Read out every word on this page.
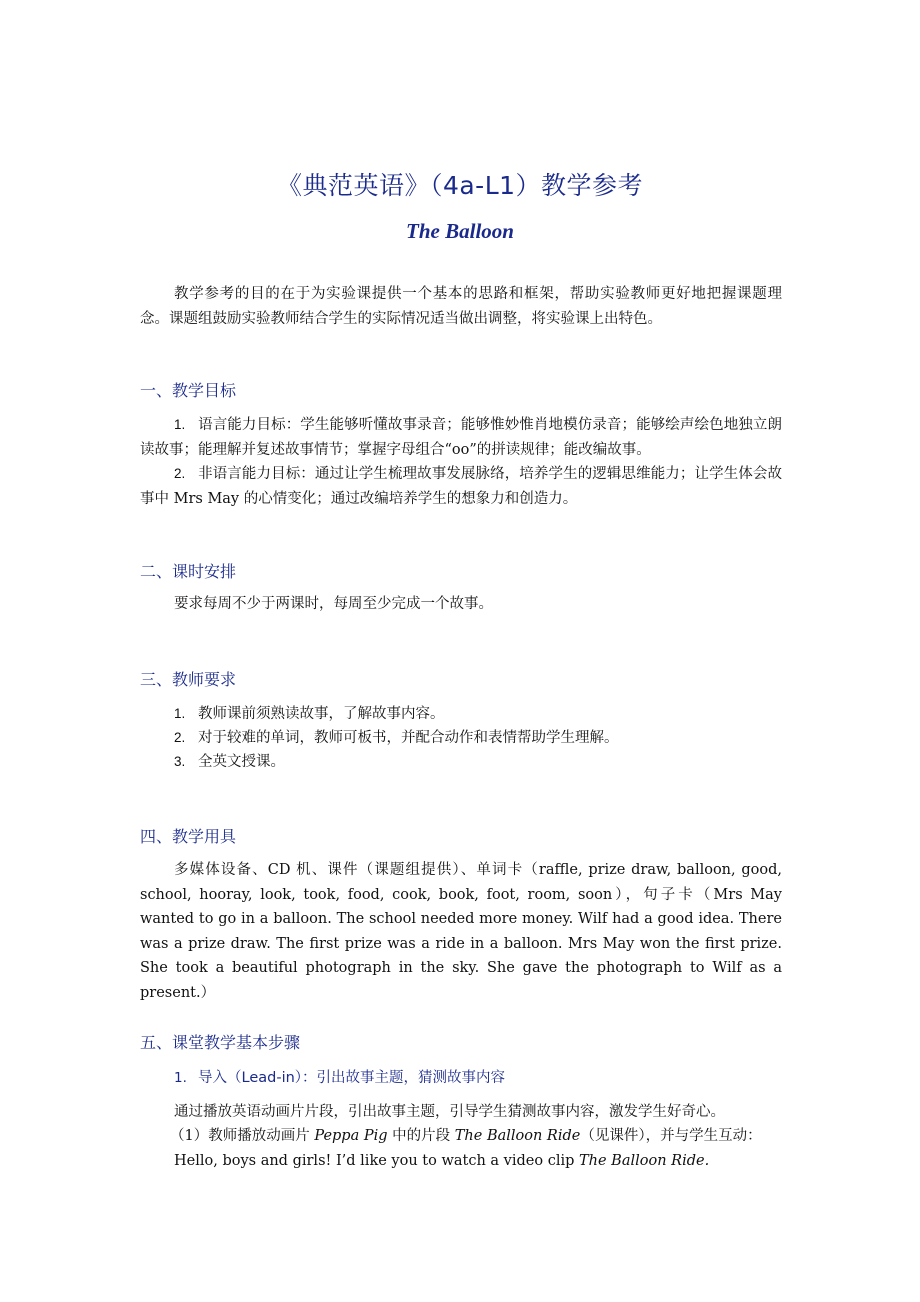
《典范英语》（4a-L1）教学参考
The Balloon
教学参考的目的在于为实验课提供一个基本的思路和框架，帮助实验教师更好地把握课题理念。课题组鼓励实验教师结合学生的实际情况适当做出调整，将实验课上出特色。
一、教学目标
1. 语言能力目标：学生能够听懂故事录音；能够惟妙惟肖地模仿录音；能够绘声绘色地独立朗读故事；能理解并复述故事情节；掌握字母组合“oo”的拼读规律；能改编故事。
2. 非语言能力目标：通过让学生梳理故事发展脉络，培养学生的逻辑思维能力；让学生体会故事中 Mrs May 的心情变化；通过改编培养学生的想象力和创造力。
二、课时安排
要求每周不少于两课时，每周至少完成一个故事。
三、教师要求
1. 教师课前须熟读故事，了解故事内容。
2. 对于较难的单词，教师可板书，并配合动作和表情帮助学生理解。
3. 全英文授课。
四、教学用具
多媒体设备、CD 机、课件（课题组提供）、单词卡（raffle, prize draw, balloon, good, school, hooray, look, took, food, cook, book, foot, room, soon），句子卡（Mrs May wanted to go in a balloon. The school needed more money. Wilf had a good idea. There was a prize draw. The first prize was a ride in a balloon. Mrs May won the first prize. She took a beautiful photograph in the sky. She gave the photograph to Wilf as a present.）
五、课堂教学基本步骤
1. 导入（Lead-in）：引出故事主题，猜测故事内容
通过播放英语动画片片段，引出故事主题，引导学生猜测故事内容，激发学生好奇心。
（1）教师播放动画片 Peppa Pig 中的片段 The Balloon Ride（见课件），并与学生互动：
Hello, boys and girls! I’d like you to watch a video clip The Balloon Ride.
